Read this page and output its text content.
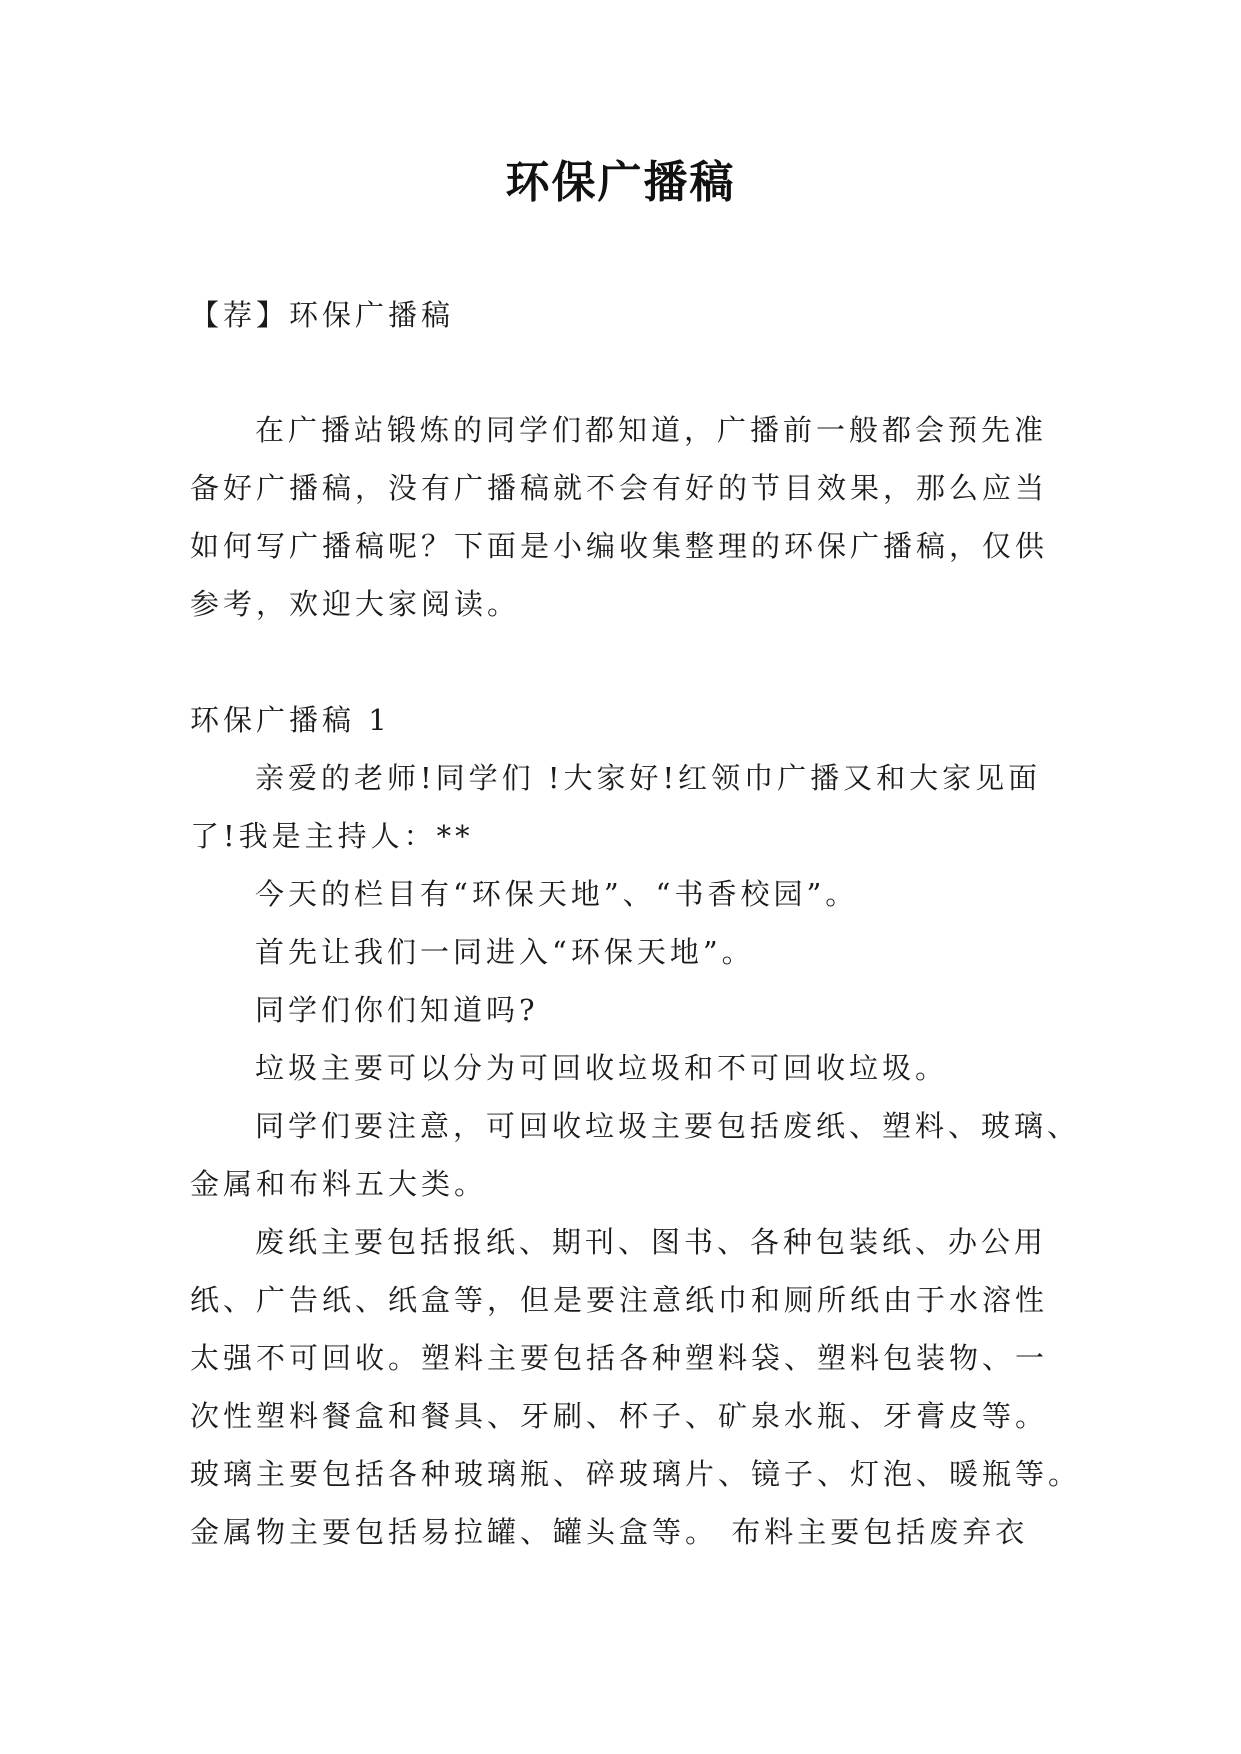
环保广播稿
【荐】环保广播稿
在广播站锻炼的同学们都知道，广播前一般都会预先准
备好广播稿，没有广播稿就不会有好的节目效果，那么应当
如何写广播稿呢？下面是小编收集整理的环保广播稿，仅供
参考，欢迎大家阅读。
环保广播稿 1
亲爱的老师!同学们 !大家好!红领巾广播又和大家见面
了!我是主持人：**
今天的栏目有“环保天地”、“书香校园”。
首先让我们一同进入“环保天地”。
同学们你们知道吗?
垃圾主要可以分为可回收垃圾和不可回收垃圾。
同学们要注意，可回收垃圾主要包括废纸、塑料、玻璃、
金属和布料五大类。
废纸主要包括报纸、期刊、图书、各种包装纸、办公用
纸、广告纸、纸盒等，但是要注意纸巾和厕所纸由于水溶性
太强不可回收。塑料主要包括各种塑料袋、塑料包装物、一
次性塑料餐盒和餐具、牙刷、杯子、矿泉水瓶、牙膏皮等。
玻璃主要包括各种玻璃瓶、碎玻璃片、镜子、灯泡、暖瓶等。
金属物主要包括易拉罐、罐头盒等。 布料主要包括废弃衣
